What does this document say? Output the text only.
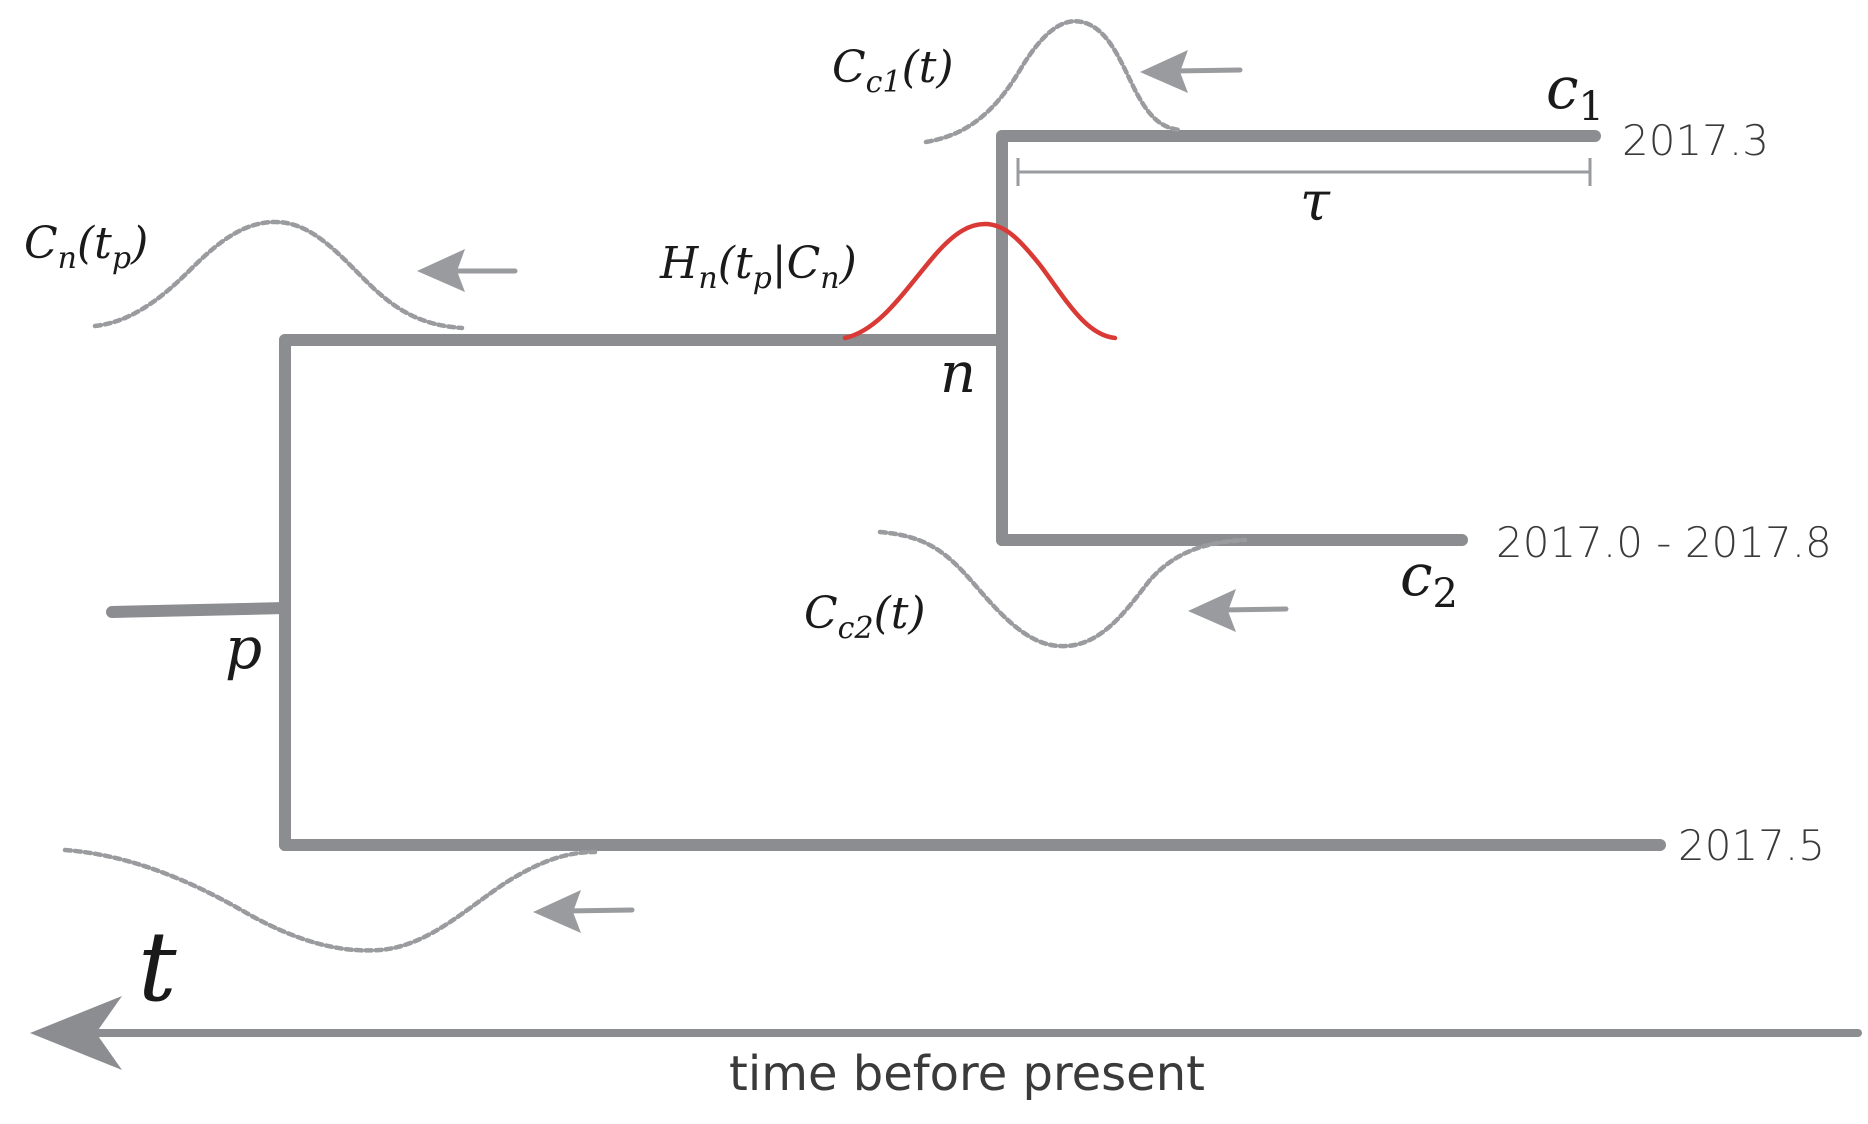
$c_1$
$c_2$
n
p
t
τ
$C_{c1}(t)$
$C_n(t_p)$	$H_n(t_p|C_n)$
$C_{c2}(t)$
2017.3
2017.0 - 2017.8
2017.5
time before present
